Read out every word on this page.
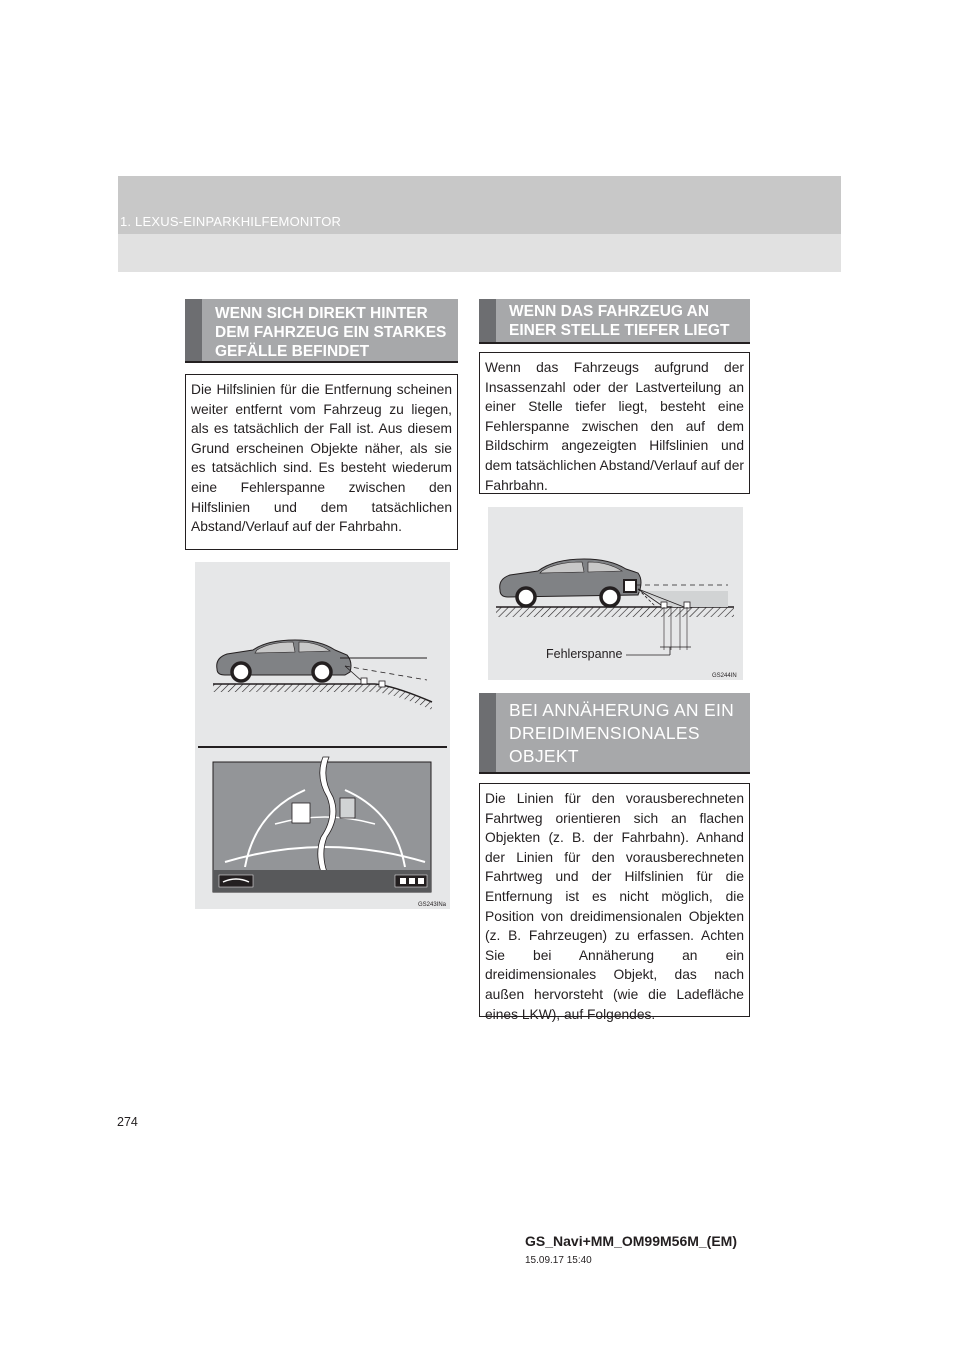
1. LEXUS-EINPARKHILFEMONITOR
WENN SICH DIREKT HINTER DEM FAHRZEUG EIN STARKES GEFÄLLE BEFINDET
Die Hilfslinien für die Entfernung scheinen weiter entfernt vom Fahrzeug zu liegen, als es tatsächlich der Fall ist. Aus diesem Grund erscheinen Objekte näher, als sie es tatsächlich sind. Es besteht wiederum eine Fehlerspanne zwischen den Hilfslinien und dem tatsächlichen Abstand/Verlauf auf der Fahrbahn.
GS243INa
WENN DAS FAHRZEUG AN EINER STELLE TIEFER LIEGT
Wenn das Fahrzeugs aufgrund der Insassenzahl oder der Lastverteilung an einer Stelle tiefer liegt, besteht eine Fehlerspanne zwischen den auf dem Bildschirm angezeigten Hilfslinien und dem tatsächlichen Abstand/Verlauf auf der Fahrbahn.
Fehlerspanne
GS244IN
BEI ANNÄHERUNG AN EIN DREIDIMENSIONALES OBJEKT
Die Linien für den vorausberechneten Fahrtweg orientieren sich an flachen Objekten (z. B. der Fahrbahn). Anhand der Linien für den vorausberechneten Fahrtweg und der Hilfslinien für die Entfernung ist es nicht möglich, die Position von dreidimensionalen Objekten (z. B. Fahrzeugen) zu erfassen. Achten Sie bei Annäherung an ein dreidimensionales Objekt, das nach außen hervorsteht (wie die Ladefläche eines LKW), auf Folgendes.
274
GS_Navi+MM_OM99M56M_(EM)
15.09.17 15:40
